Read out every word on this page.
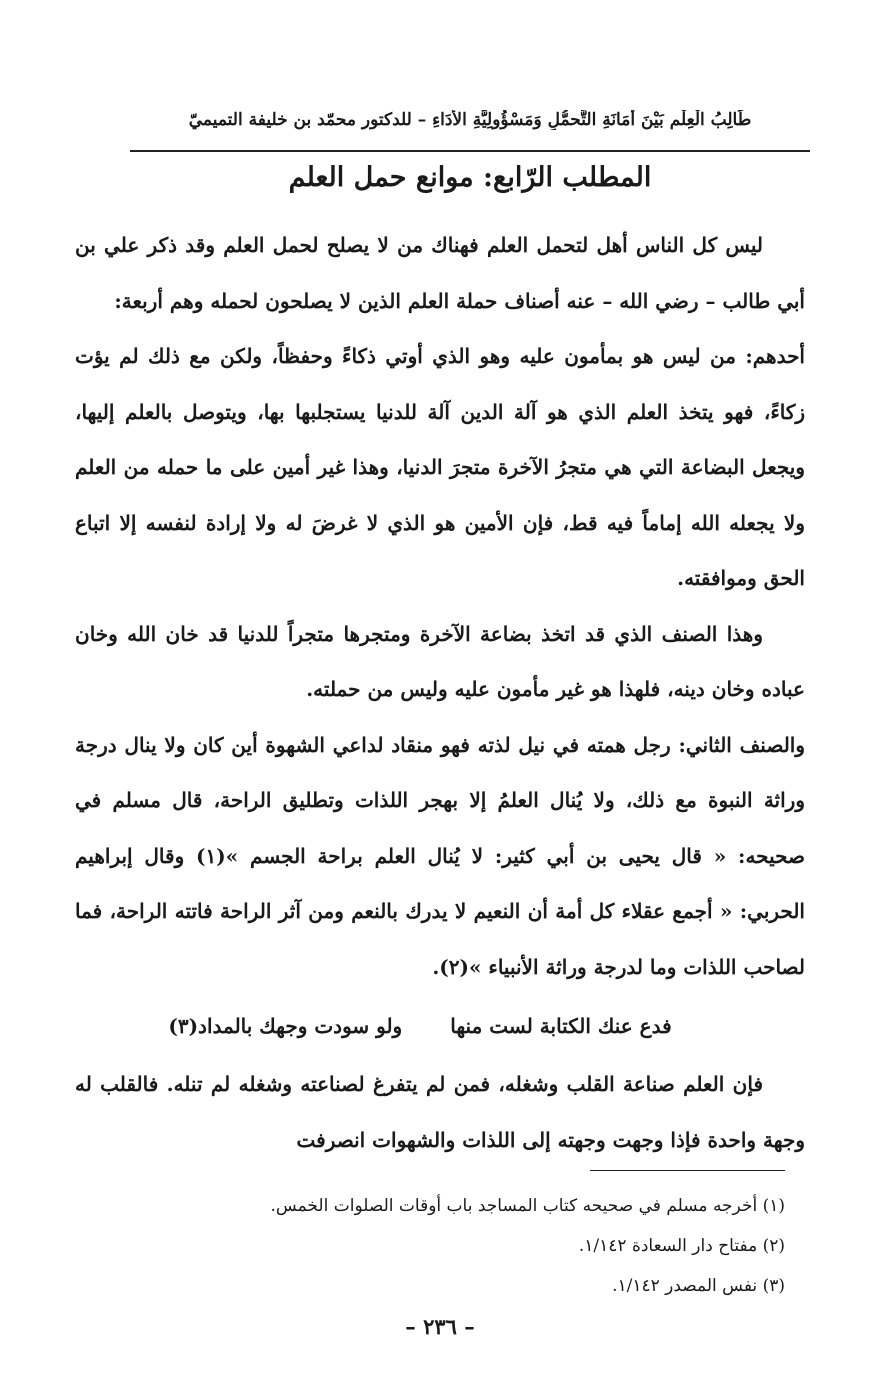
طَالِبُ الْعِلْمِ بَيْنَ أَمَانَةِ التَّحمُّلِ وَمَسْؤُولِيَّةِ الأَدَاءِ – للدكتور محمّد بن خليفة التميميّ
المطلب الرّابع: موانع حمل العلم

ليس كل الناس أهل لتحمل العلم فهناك من لا يصلح لحمل العلم وقد ذكر علي بن أبي طالب – رضي الله – عنه أصناف حملة العلم الذين لا يصلحون لحمله وهم أربعة:

أحدهم: من ليس هو بمأمون عليه وهو الذي أوتي ذكاءً وحفظاً، ولكن مع ذلك لم يؤت زكاءً، فهو يتخذ العلم الذي هو آلة الدين آلة للدنيا يستجلبها بها، ويتوصل بالعلم إليها، ويجعل البضاعة التي هي متجرُ الآخرة متجرَ الدنيا، وهذا غير أمين على ما حمله من العلم ولا يجعله الله إماماً فيه قط، فإن الأمين هو الذي لا غرضَ له ولا إرادة لنفسه إلا اتباع الحق وموافقته.

وهذا الصنف الذي قد اتخذ بضاعة الآخرة ومتجرها متجراً للدنيا قد خان الله وخان عباده وخان دينه، فلهذا هو غير مأمون عليه وليس من حملته.

والصنف الثاني: رجل همته في نيل لذته فهو منقاد لداعي الشهوة أين كان ولا ينال درجة وراثة النبوة مع ذلك، ولا يُنال العلمُ إلا بهجر اللذات وتطليق الراحة، قال مسلم في صحيحه: « قال يحيى بن أبي كثير: لا يُنال العلم براحة الجسم »(١) وقال إبراهيم الحربي: « أجمع عقلاء كل أمة أن النعيم لا يدرك بالنعم ومن آثر الراحة فاتته الراحة، فما لصاحب اللذات وما لدرجة وراثة الأنبياء »(٢).

فدع عنك الكتابة لست منها
ولو سودت وجهك بالمداد(٣)

فإن العلم صناعة القلب وشغله، فمن لم يتفرغ لصناعته وشغله لم تنله. فالقلب له وجهة واحدة فإذا وجهت وجهته إلى اللذات والشهوات انصرفت

(١) أخرجه مسلم في صحيحه كتاب المساجد باب أوقات الصلوات الخمس.

(٢) مفتاح دار السعادة ١/١٤٢.

(٣) نفس المصدر ١/١٤٢.

– ٢٣٦ –
